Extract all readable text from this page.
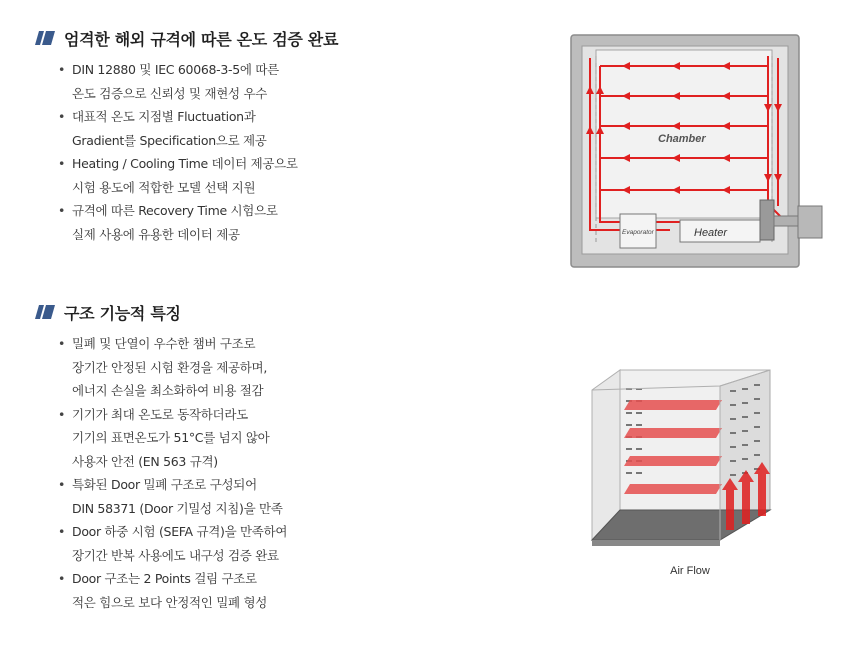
엄격한 해외 규격에 따른 온도 검증 완료
• DIN 12880 및 IEC 60068-3-5에 따른
온도 검증으로 신뢰성 및 재현성 우수
• 대표적 온도 지점별 Fluctuation과
Gradient를 Specification으로 제공
• Heating / Cooling Time 데이터 제공으로
시험 용도에 적합한 모델 선택 지원
• 규격에 따른 Recovery Time 시험으로
실제 사용에 유용한 데이터 제공
구조 기능적 특징
• 밀폐 및 단열이 우수한 챔버 구조로
장기간 안정된 시험 환경을 제공하며,
에너지 손실을 최소화하여 비용 절감
• 기기가 최대 온도로 동작하더라도
기기의 표면온도가 51°C를 넘지 않아
사용자 안전 (EN 563 규격)
• 특화된 Door 밀폐 구조로 구성되어
DIN 58371 (Door 기밀성 지침)을 만족
• Door 하중 시험 (SEFA 규격)을 만족하여
장기간 반복 사용에도 내구성 검증 완료
• Door 구조는 2 Points 걸림 구조로
적은 힘으로 보다 안정적인 밀폐 형성
Chamber
Evaporator	Heater
Air Flow
